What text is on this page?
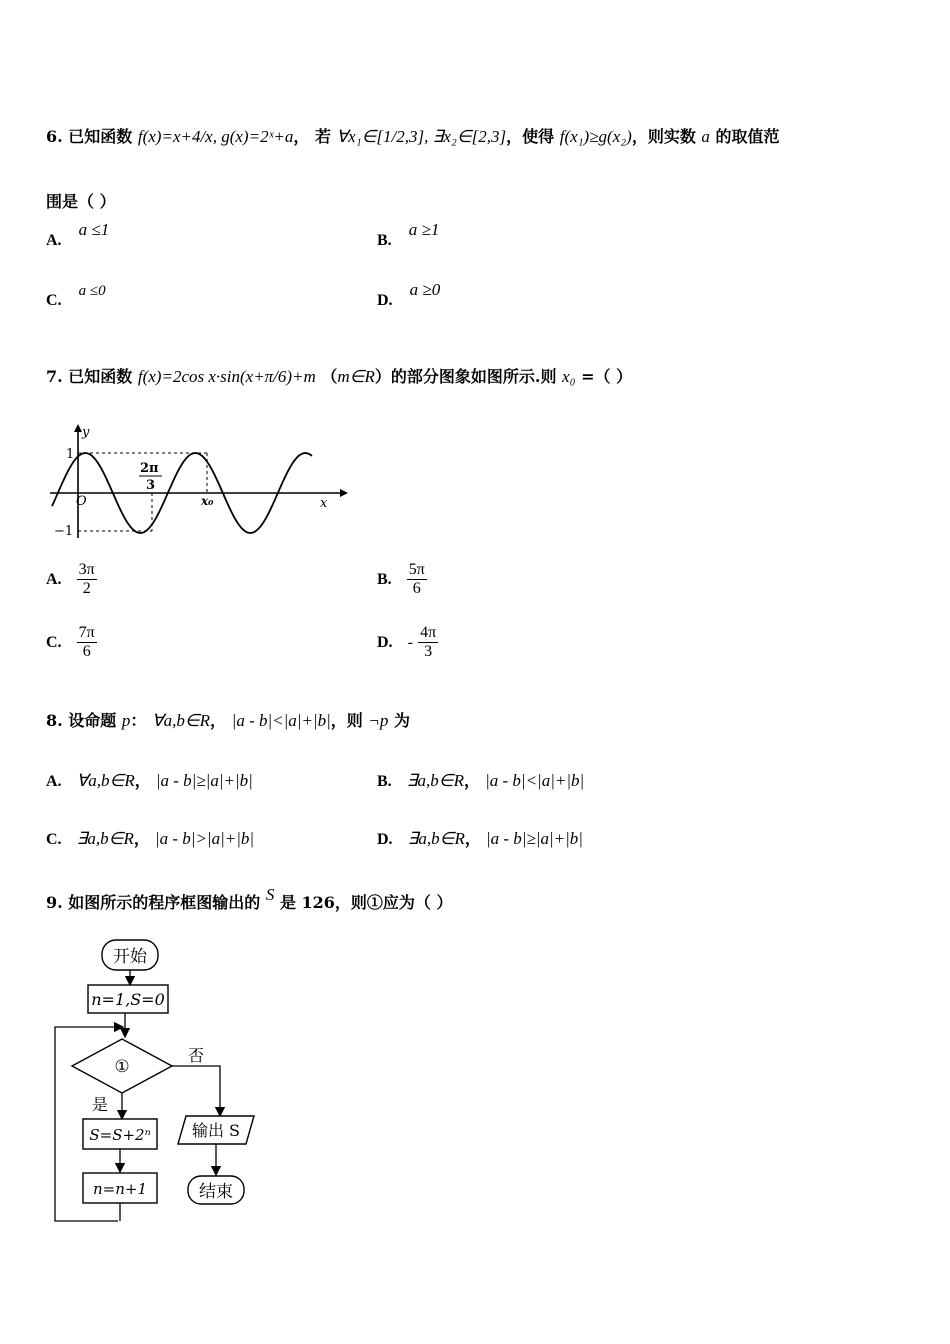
6. 已知函数 f(x)=x+4/x, g(x)=2ˣ+a， 若 ∀x₁∈[1/2,3], ∃x₂∈[2,3]，使得 f(x₁)≥g(x₂)，则实数 a 的取值范
围是（ ）
A. a ≤1
B. a ≥1
C. a ≤0
D. a ≥0
7. 已知函数 f(x)=2cos x·sin(x+π/6)+m （m∈R）的部分图象如图所示.则 x₀ =（ ）
y
x
O
1
−1
2π
3
x₀
A. $\frac{3\pi}{2}$	B. $\frac{5\pi}{6}$
C. $\frac{7\pi}{6}$	D. - $\frac{4\pi}{3}$
8. 设命题 p： ∀a,b∈R， |a - b|<|a|+|b|，则 ¬p 为
A. ∀a,b∈R， |a - b|≥|a|+|b|	B. ∃a,b∈R， |a - b|<|a|+|b|
C. ∃a,b∈R， |a - b|>|a|+|b|	D. ∃a,b∈R， |a - b|≥|a|+|b|
9. 如图所示的程序框图输出的 S 是 126，则①应为（ ）
开始
n=1,S=0
①
否
是
S=S+2ⁿ
n=n+1
输出 S
结束
